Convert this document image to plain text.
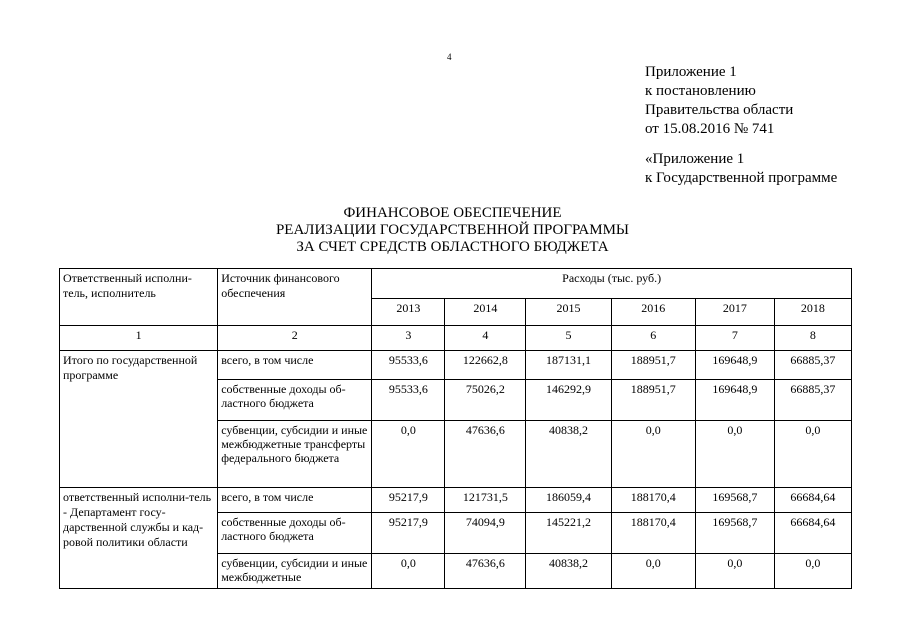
4
Приложение 1
к постановлению
Правительства области
от 15.08.2016 № 741
«Приложение 1
к Государственной программе
ФИНАНСОВОЕ ОБЕСПЕЧЕНИЕ
РЕАЛИЗАЦИИ ГОСУДАРСТВЕННОЙ ПРОГРАММЫ
ЗА СЧЕТ СРЕДСТВ ОБЛАСТНОГО БЮДЖЕТА
Ответственный исполни-тель, исполнитель	Источник финансового обеспечения	Расходы (тыс. руб.)					
		2013	2014	2015	2016	2017	2018
1	2	3	4	5	6	7	8
Итого по государственной программе	всего, в том числе	95533,6	122662,8	187131,1	188951,7	169648,9	66885,37
	собственные доходы об-ластного бюджета	95533,6	75026,2	146292,9	188951,7	169648,9	66885,37
	субвенции, субсидии и иные межбюджетные трансферты федерального бюджета	0,0	47636,6	40838,2	0,0	0,0	0,0
ответственный исполни-тель - Департамент госу-дарственной службы и кад-ровой политики области	всего, в том числе	95217,9	121731,5	186059,4	188170,4	169568,7	66684,64
	собственные доходы об-ластного бюджета	95217,9	74094,9	145221,2	188170,4	169568,7	66684,64
	субвенции, субсидии и иные межбюджетные	0,0	47636,6	40838,2	0,0	0,0	0,0
